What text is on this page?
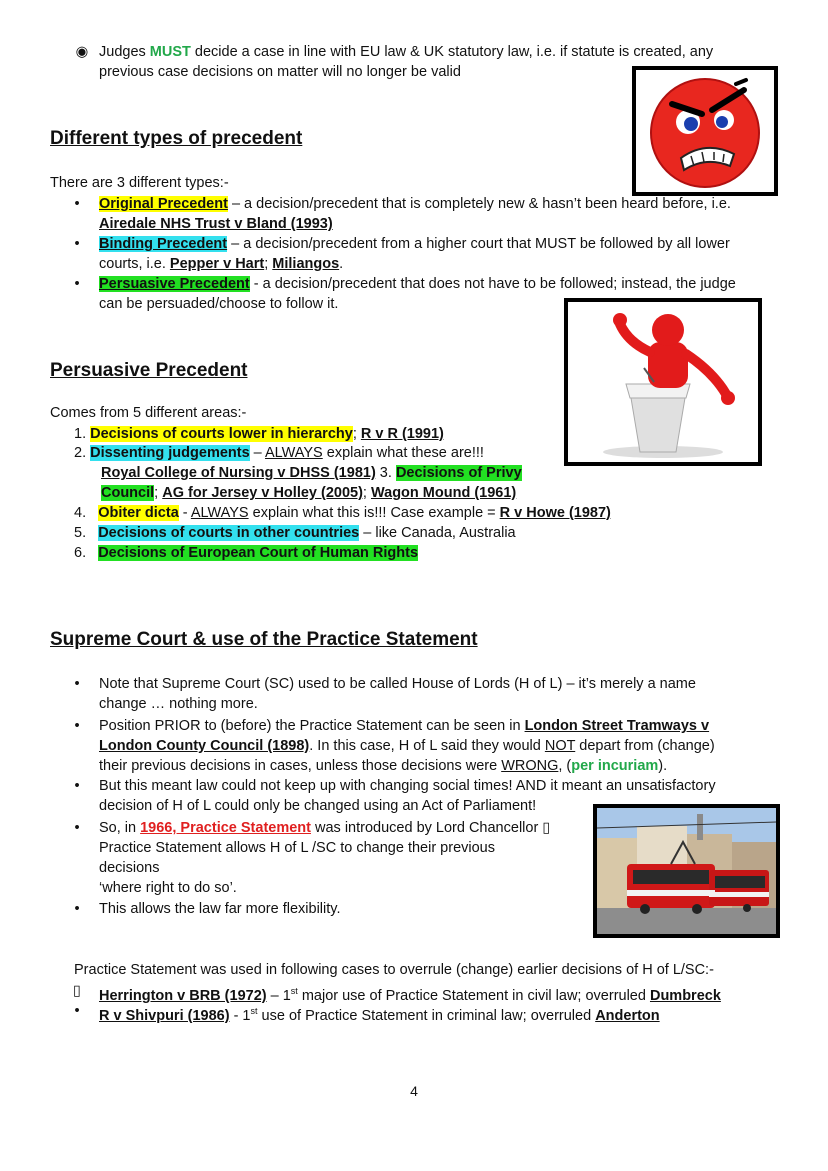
◉ Judges MUST decide a case in line with EU law & UK statutory law, i.e. if statute is created, any
previous case decisions on matter will no longer be valid
Different types of precedent
There are 3 different types:-
•	Original Precedent – a decision/precedent that is completely new & hasn’t been heard before, i.e.
Airedale NHS Trust v Bland (1993)
•	Binding Precedent – a decision/precedent from a higher court that MUST be followed by all lower
courts, i.e. Pepper v Hart; Miliangos.
•	Persuasive Precedent - a decision/precedent that does not have to be followed; instead, the judge
can be persuaded/choose to follow it.
Persuasive Precedent
Comes from 5 different areas:-
1. Decisions of courts lower in hierarchy; R v R (1991)
2. Dissenting judgements – ALWAYS explain what these are!!!
Royal College of Nursing v DHSS (1981) 3. Decisions of Privy
Council; AG for Jersey v Holley (2005); Wagon Mound (1961)
4. Obiter dicta - ALWAYS explain what this is!!! Case example = R v Howe (1987)
5. Decisions of courts in other countries – like Canada, Australia
6. Decisions of European Court of Human Rights
Supreme Court & use of the Practice Statement
•	Note that Supreme Court (SC) used to be called House of Lords (H of L) – it’s merely a name
change … nothing more.
•	Position PRIOR to (before) the Practice Statement can be seen in London Street Tramways v
London County Council (1898). In this case, H of L said they would NOT depart from (change)
their previous decisions in cases, unless those decisions were WRONG, (per incuriam).
•	But this meant law could not keep up with changing social times! AND it meant an unsatisfactory
decision of H of L could only be changed using an Act of Parliament!
•	So, in 1966, Practice Statement was introduced by Lord Chancellor ▯
Practice Statement allows H of L /SC to change their previous
decisions
‘where right to do so’.
•	This allows the law far more flexibility.
Practice Statement was used in following cases to overrule (change) earlier decisions of H of L/SC:-
▯	Herrington v BRB (1972) – 1st major use of Practice Statement in civil law; overruled Dumbreck
•	R v Shivpuri (1986) - 1st use of Practice Statement in criminal law; overruled Anderton
4
